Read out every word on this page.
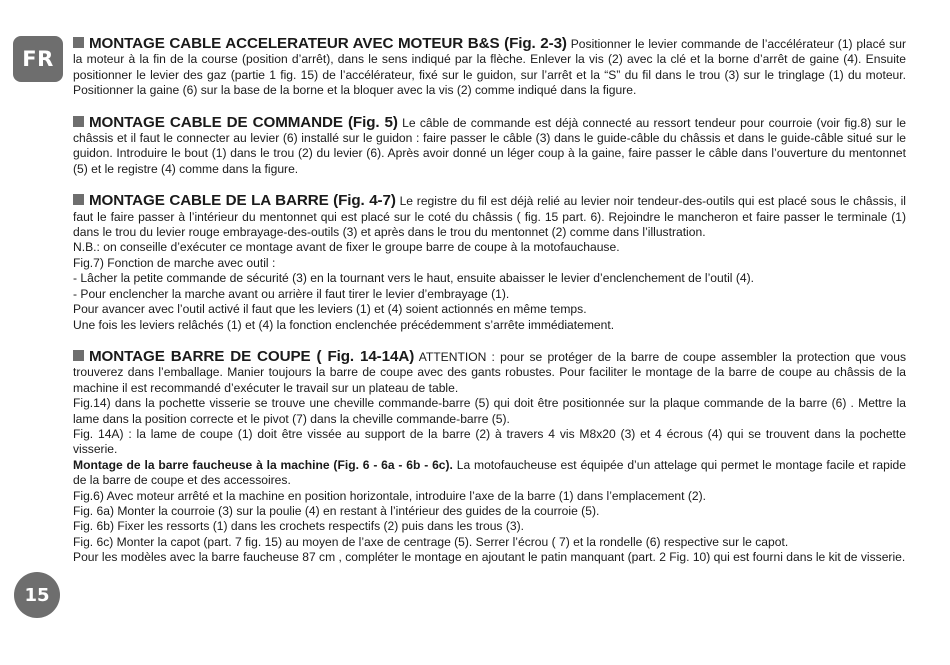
FR
15

MONTAGE CABLE ACCELERATEUR AVEC MOTEUR B&S (Fig. 2-3) Positionner le levier commande de l’accélérateur (1) placé sur la moteur à la fin de la course (position d’arrêt), dans le sens indiqué par la flèche. Enlever la vis (2) avec la clé et la borne d’arrêt de gaine (4). Ensuite positionner le levier des gaz (partie 1 fig. 15) de l’accélérateur, fixé sur le guidon, sur l’arrêt et la “S” du fil dans le trou (3) sur le tringlage (1) du moteur. Positionner la gaine (6) sur la base de la borne et la bloquer avec la vis (2) comme indiqué dans la figure.

MONTAGE CABLE DE COMMANDE (Fig. 5) Le câble de commande est déjà connecté au ressort tendeur pour courroie (voir fig.8) sur le châssis et il faut le connecter au levier (6) installé sur le guidon : faire passer le câble (3) dans le guide-câble du châssis et dans le guide-câble situé sur le guidon. Introduire le bout (1) dans le trou (2) du levier (6). Après avoir donné un léger coup à la gaine, faire passer le câble dans l’ouverture du mentonnet (5) et le registre (4) comme dans la figure.

MONTAGE CABLE DE LA BARRE (Fig. 4-7) Le registre du fil est déjà relié au levier noir tendeur-des-outils qui est placé sous le châssis, il faut le faire passer à l’intérieur du mentonnet qui est placé sur le coté du châssis ( fig. 15 part. 6). Rejoindre le mancheron et faire passer le terminale (1) dans le trou du levier rouge embrayage-des-outils (3) et après dans le trou du mentonnet (2) comme dans l’illustration.

N.B.: on conseille d’exécuter ce montage avant de fixer le groupe barre de coupe à la motofauchause.

Fig.7) Fonction de marche avec outil :

- Lâcher la petite commande de sécurité (3) en la tournant vers le haut, ensuite abaisser le levier d’enclenchement de l’outil (4).

- Pour enclencher la marche avant ou arrière il faut tirer le levier d’embrayage (1).

Pour avancer avec l’outil activé il faut que les leviers (1) et (4) soient actionnés en même temps.

Une fois les leviers relâchés (1) et (4) la fonction enclenchée précédemment s’arrête immédiatement.

MONTAGE BARRE DE COUPE ( Fig. 14-14A) ATTENTION : pour se protéger de la barre de coupe assembler la protection que vous trouverez dans l’emballage. Manier toujours la barre de coupe avec des gants robustes. Pour faciliter le montage de la barre de coupe au châssis de la machine il est recommandé d’exécuter le travail sur un plateau de table.

Fig.14) dans la pochette visserie se trouve une cheville commande-barre (5) qui doit être positionnée sur la plaque commande de la barre (6) . Mettre la lame dans la position correcte et le pivot (7) dans la cheville commande-barre (5).

Fig. 14A) : la lame de coupe (1) doit être vissée au support de la barre (2) à travers 4 vis M8x20 (3) et 4 écrous (4) qui se trouvent dans la pochette visserie.

Montage de la barre faucheuse à la machine (Fig. 6 - 6a - 6b - 6c). La motofaucheuse est équipée d’un attelage qui permet le montage facile et rapide de la barre de coupe et des accessoires.

Fig.6) Avec moteur arrêté et la machine en position horizontale, introduire l’axe de la barre (1) dans l’emplacement (2).

Fig. 6a) Monter la courroie (3) sur la poulie (4) en restant à l’intérieur des guides de la courroie (5).

Fig. 6b) Fixer les ressorts (1) dans les crochets respectifs (2) puis dans les trous (3).

Fig. 6c) Monter la capot (part. 7 fig. 15) au moyen de l’axe de centrage (5). Serrer l’écrou ( 7) et la rondelle (6) respective sur le capot.

Pour les modèles avec la barre faucheuse 87 cm , compléter le montage en ajoutant le patin manquant (part. 2 Fig. 10) qui est fourni dans le kit de visserie.
